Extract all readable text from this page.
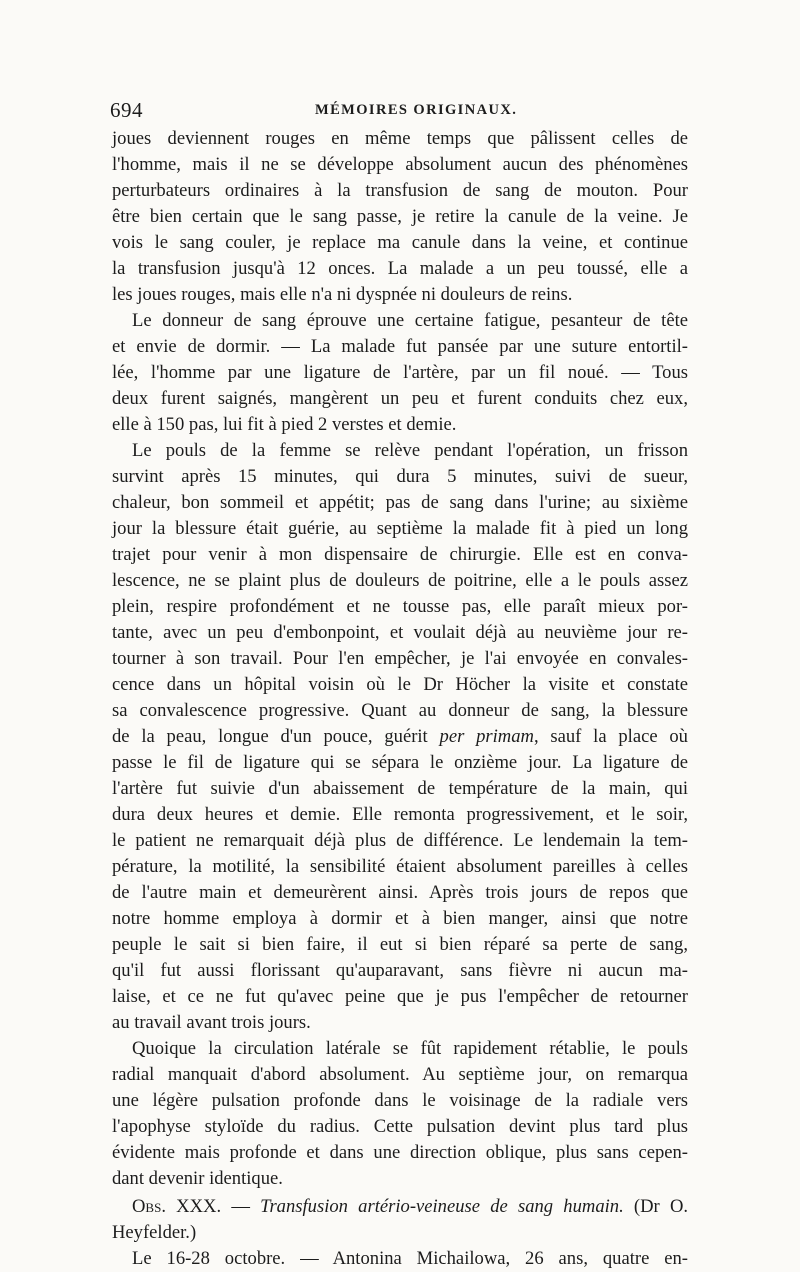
694	MÉMOIRES ORIGINAUX.
joues deviennent rouges en même temps que pâlissent celles de
l'homme, mais il ne se développe absolument aucun des phénomènes
perturbateurs ordinaires à la transfusion de sang de mouton. Pour
être bien certain que le sang passe, je retire la canule de la veine. Je
vois le sang couler, je replace ma canule dans la veine, et continue
la transfusion jusqu'à 12 onces. La malade a un peu toussé, elle a
les joues rouges, mais elle n'a ni dyspnée ni douleurs de reins.
Le donneur de sang éprouve une certaine fatigue, pesanteur de tête
et envie de dormir. — La malade fut pansée par une suture entortil-
lée, l'homme par une ligature de l'artère, par un fil noué. — Tous
deux furent saignés, mangèrent un peu et furent conduits chez eux,
elle à 150 pas, lui fit à pied 2 verstes et demie.
Le pouls de la femme se relève pendant l'opération, un frisson
survint après 15 minutes, qui dura 5 minutes, suivi de sueur,
chaleur, bon sommeil et appétit; pas de sang dans l'urine; au sixième
jour la blessure était guérie, au septième la malade fit à pied un long
trajet pour venir à mon dispensaire de chirurgie. Elle est en conva-
lescence, ne se plaint plus de douleurs de poitrine, elle a le pouls assez
plein, respire profondément et ne tousse pas, elle paraît mieux por-
tante, avec un peu d'embonpoint, et voulait déjà au neuvième jour re-
tourner à son travail. Pour l'en empêcher, je l'ai envoyée en convales-
cence dans un hôpital voisin où le Dr Höcher la visite et constate
sa convalescence progressive. Quant au donneur de sang, la blessure
de la peau, longue d'un pouce, guérit per primam, sauf la place où
passe le fil de ligature qui se sépara le onzième jour. La ligature de
l'artère fut suivie d'un abaissement de température de la main, qui
dura deux heures et demie. Elle remonta progressivement, et le soir,
le patient ne remarquait déjà plus de différence. Le lendemain la tem-
pérature, la motilité, la sensibilité étaient absolument pareilles à celles
de l'autre main et demeurèrent ainsi. Après trois jours de repos que
notre homme employa à dormir et à bien manger, ainsi que notre
peuple le sait si bien faire, il eut si bien réparé sa perte de sang,
qu'il fut aussi florissant qu'auparavant, sans fièvre ni aucun ma-
laise, et ce ne fut qu'avec peine que je pus l'empêcher de retourner
au travail avant trois jours.
Quoique la circulation latérale se fût rapidement rétablie, le pouls
radial manquait d'abord absolument. Au septième jour, on remarqua
une légère pulsation profonde dans le voisinage de la radiale vers
l'apophyse styloïde du radius. Cette pulsation devint plus tard plus
évidente mais profonde et dans une direction oblique, plus sans cepen-
dant devenir identique.
Obs. XXX. — Transfusion artério-veineuse de sang humain. (Dr O.
Heyfelder.)
Le 16-28 octobre. — Antonina Michailowa, 26 ans, quatre en-
